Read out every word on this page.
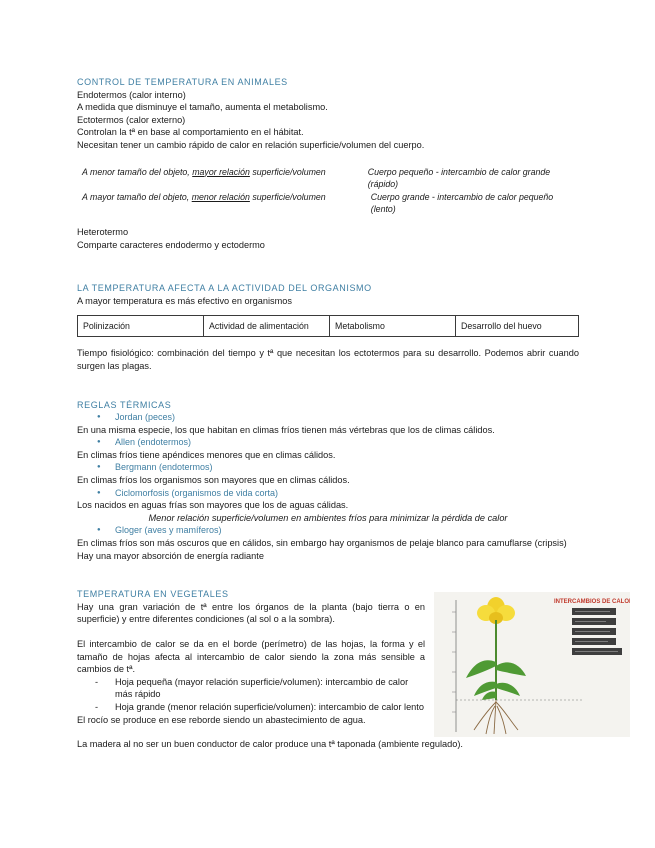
CONTROL DE TEMPERATURA EN ANIMALES

Endotermos (calor interno)

A medida que disminuye el tamaño, aumenta el metabolismo.

Ectotermos (calor externo)

Controlan la tª en base al comportamiento en el hábitat.

Necesitan tener un cambio rápido de calor en relación superficie/volumen del cuerpo.

A menor tamaño del objeto, mayor relación superficie/volumen	Cuerpo pequeño - intercambio de calor grande (rápido)
A mayor tamaño del objeto, menor relación superficie/volumen	Cuerpo grande - intercambio de calor pequeño (lento)

Heterotermo

Comparte caracteres endodermo y ectodermo

LA TEMPERATURA AFECTA A LA ACTIVIDAD DEL ORGANISMO

A mayor temperatura es más efectivo en organismos

Polinización	Actividad de alimentación	Metabolismo	Desarrollo del huevo

Tiempo fisiológico: combinación del tiempo y tª que necesitan los ectotermos para su desarrollo. Podemos abrir cuando surgen las plagas.

REGLAS TÉRMICAS

● Jordan (peces)

En una misma especie, los que habitan en climas fríos tienen más vértebras que los de climas cálidos.

● Allen (endotermos)

En climas fríos tiene apéndices menores que en climas cálidos.

● Bergmann (endotermos)

En climas fríos los organismos son mayores que en climas cálidos.

● Ciclomorfosis (organismos de vida corta)

Los nacidos en aguas frías son mayores que los de aguas cálidas.

Menor relación superficie/volumen en ambientes fríos para minimizar la pérdida de calor

● Gloger (aves y mamíferos)

En climas fríos son más oscuros que en cálidos, sin embargo hay organismos de pelaje blanco para camuflarse (cripsis)

Hay una mayor absorción de energía radiante

TEMPERATURA EN VEGETALES

Hay una gran variación de tª entre los órganos de la planta (bajo tierra o en superficie) y entre diferentes condiciones (al sol o a la sombra).

El intercambio de calor se da en el borde (perímetro) de las hojas, la forma y el tamaño de hojas afecta al intercambio de calor siendo la zona más sensible a cambios de tª.

- Hoja pequeña (mayor relación superficie/volumen): intercambio de calor más rápido

- Hoja grande (menor relación superficie/volumen): intercambio de calor lento

El rocío se produce en ese reborde siendo un abastecimiento de agua.

La madera al no ser un buen conductor de calor produce una tª taponada (ambiente regulado).

INTERCAMBIOS DE CALOR
